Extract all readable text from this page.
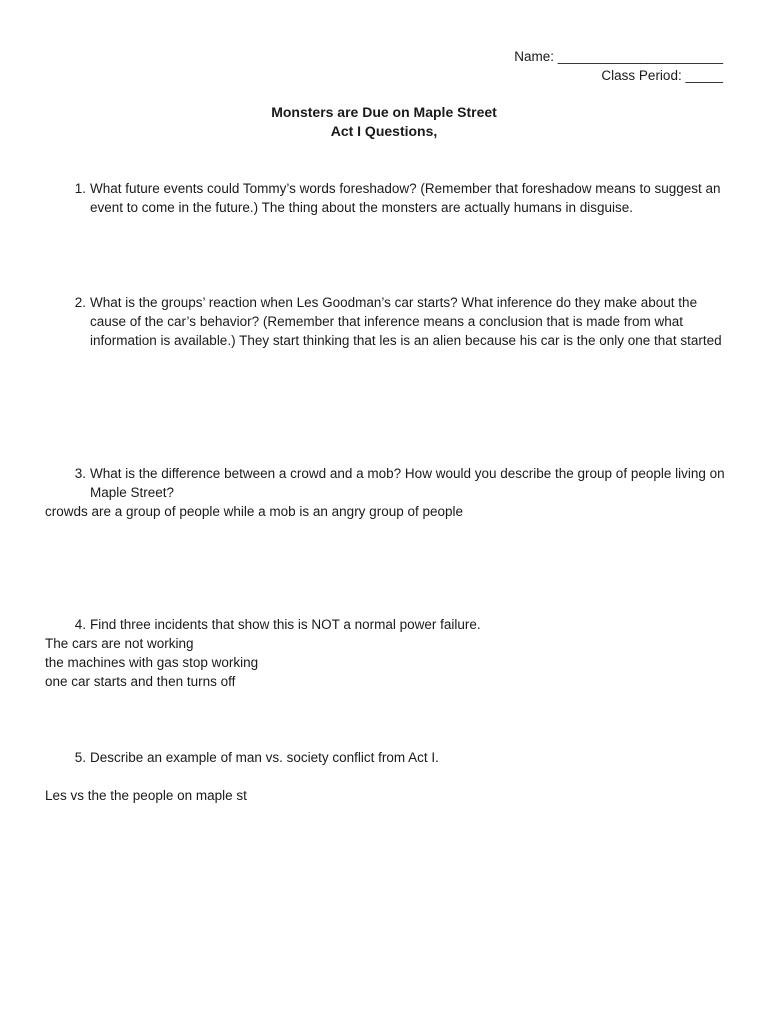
Name: ______________________
Class Period: _____
Monsters are Due on Maple Street
Act I Questions,
1. What future events could Tommy’s words foreshadow? (Remember that foreshadow means to suggest an event to come in the future.) The thing about the monsters are actually humans in disguise.
2. What is the groups’ reaction when Les Goodman’s car starts? What inference do they make about the cause of the car’s behavior? (Remember that inference means a conclusion that is made from what information is available.) They start thinking that les is an alien because his car is the only one that started
3. What is the difference between a crowd and a mob? How would you describe the group of people living on Maple Street?
crowds are a group of people while a mob is an angry group of people
4. Find three incidents that show this is NOT a normal power failure.
The cars are not working
the machines with gas stop working
one car starts and then turns off
5. Describe an example of man vs. society conflict from Act I.
Les vs the the people on maple st
